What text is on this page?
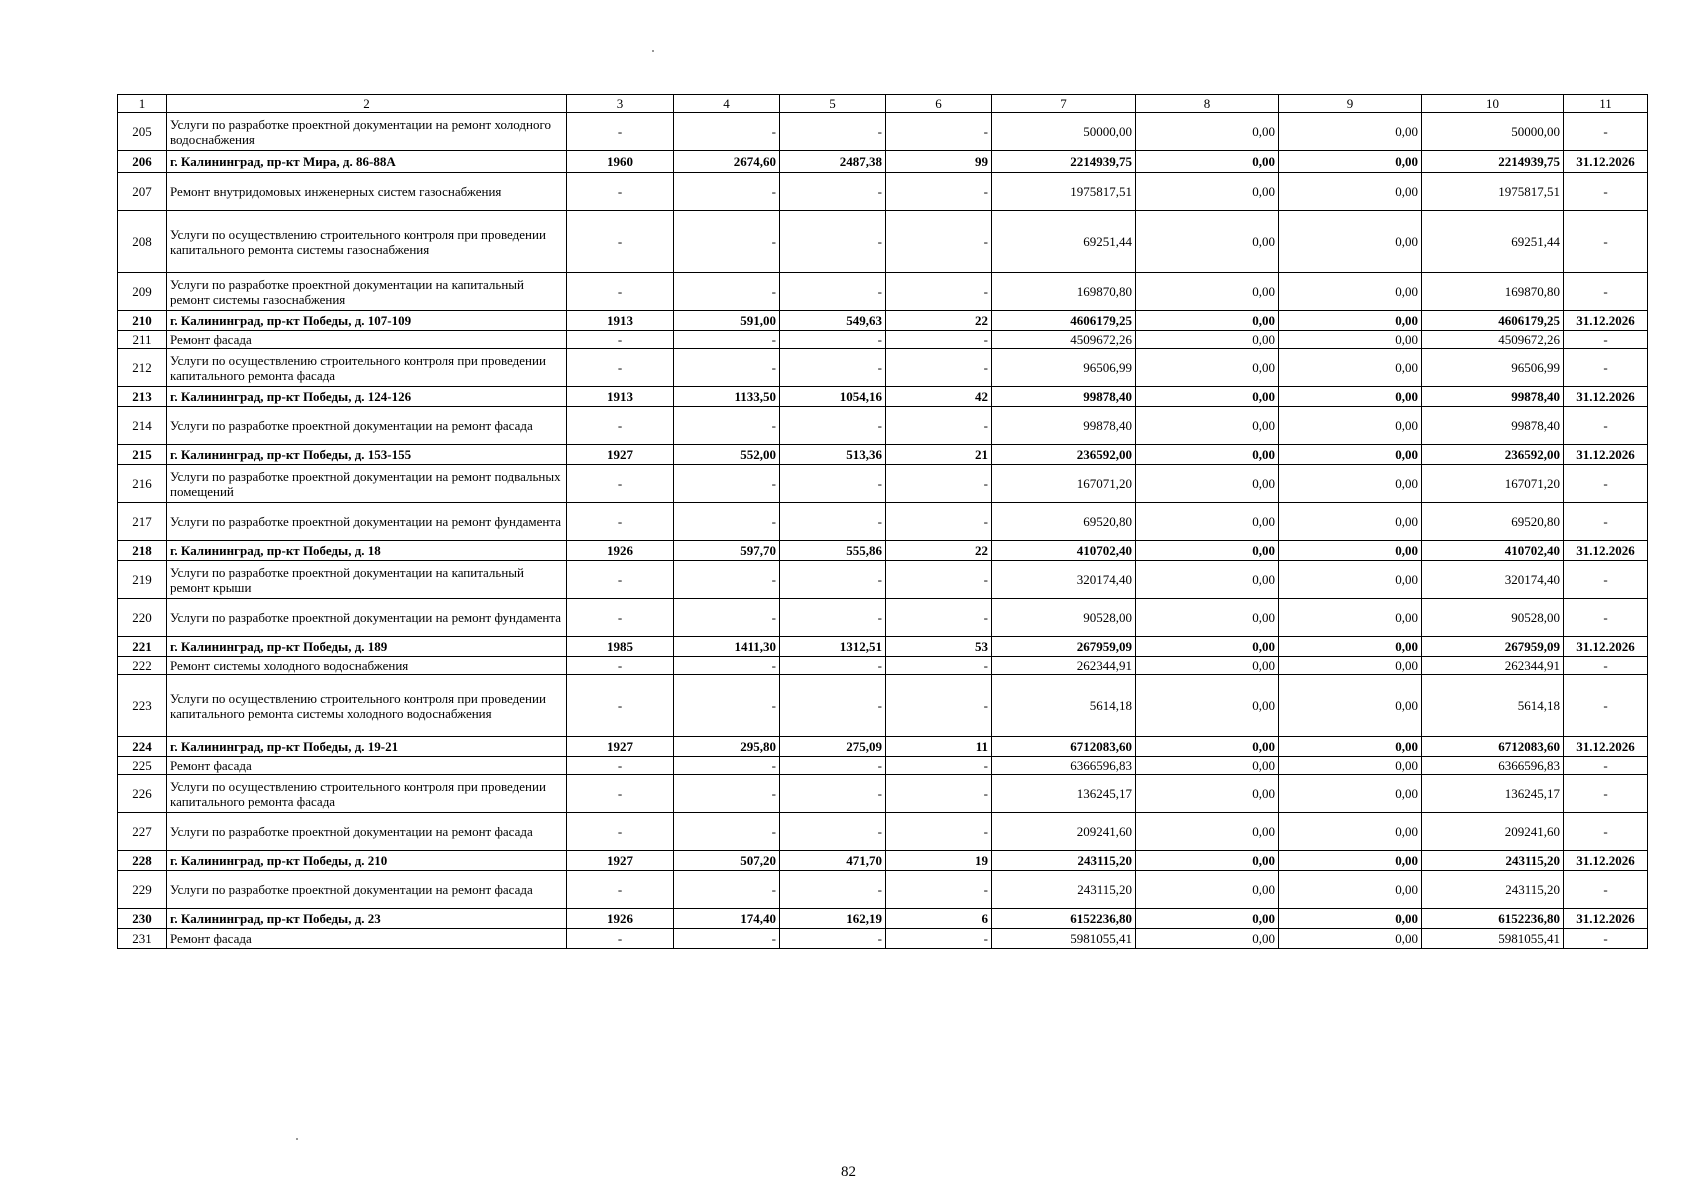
1	2	3	4	5	6	7	8	9	10	11
205	Услуги по разработке проектной документации на ремонт холодного водоснабжения	-	-	-	-	50000,00	0,00	0,00	50000,00	-
206	г. Калининград, пр-кт Мира, д. 86-88А	1960	2674,60	2487,38	99	2214939,75	0,00	0,00	2214939,75	31.12.2026
207	Ремонт внутридомовых инженерных систем газоснабжения	-	-	-	-	1975817,51	0,00	0,00	1975817,51	-
208	Услуги по осуществлению строительного контроля при проведении капитального ремонта системы газоснабжения	-	-	-	-	69251,44	0,00	0,00	69251,44	-
209	Услуги по разработке проектной документации на капитальный ремонт системы газоснабжения	-	-	-	-	169870,80	0,00	0,00	169870,80	-
210	г. Калининград, пр-кт Победы, д. 107-109	1913	591,00	549,63	22	4606179,25	0,00	0,00	4606179,25	31.12.2026
211	Ремонт фасада	-	-	-	-	4509672,26	0,00	0,00	4509672,26	-
212	Услуги по осуществлению строительного контроля при проведении капитального ремонта фасада	-	-	-	-	96506,99	0,00	0,00	96506,99	-
213	г. Калининград, пр-кт Победы, д. 124-126	1913	1133,50	1054,16	42	99878,40	0,00	0,00	99878,40	31.12.2026
214	Услуги по разработке проектной документации на ремонт фасада	-	-	-	-	99878,40	0,00	0,00	99878,40	-
215	г. Калининград, пр-кт Победы, д. 153-155	1927	552,00	513,36	21	236592,00	0,00	0,00	236592,00	31.12.2026
216	Услуги по разработке проектной документации на ремонт подвальных помещений	-	-	-	-	167071,20	0,00	0,00	167071,20	-
217	Услуги по разработке проектной документации на ремонт фундамента	-	-	-	-	69520,80	0,00	0,00	69520,80	-
218	г. Калининград, пр-кт Победы, д. 18	1926	597,70	555,86	22	410702,40	0,00	0,00	410702,40	31.12.2026
219	Услуги по разработке проектной документации на капитальный ремонт крыши	-	-	-	-	320174,40	0,00	0,00	320174,40	-
220	Услуги по разработке проектной документации на ремонт фундамента	-	-	-	-	90528,00	0,00	0,00	90528,00	-
221	г. Калининград, пр-кт Победы, д. 189	1985	1411,30	1312,51	53	267959,09	0,00	0,00	267959,09	31.12.2026
222	Ремонт системы холодного водоснабжения	-	-	-	-	262344,91	0,00	0,00	262344,91	-
223	Услуги по осуществлению строительного контроля при проведении капитального ремонта системы холодного водоснабжения	-	-	-	-	5614,18	0,00	0,00	5614,18	-
224	г. Калининград, пр-кт Победы, д. 19-21	1927	295,80	275,09	11	6712083,60	0,00	0,00	6712083,60	31.12.2026
225	Ремонт фасада	-	-	-	-	6366596,83	0,00	0,00	6366596,83	-
226	Услуги по осуществлению строительного контроля при проведении капитального ремонта фасада	-	-	-	-	136245,17	0,00	0,00	136245,17	-
227	Услуги по разработке проектной документации на ремонт фасада	-	-	-	-	209241,60	0,00	0,00	209241,60	-
228	г. Калининград, пр-кт Победы, д. 210	1927	507,20	471,70	19	243115,20	0,00	0,00	243115,20	31.12.2026
229	Услуги по разработке проектной документации на ремонт фасада	-	-	-	-	243115,20	0,00	0,00	243115,20	-
230	г. Калининград, пр-кт Победы, д. 23	1926	174,40	162,19	6	6152236,80	0,00	0,00	6152236,80	31.12.2026
231	Ремонт фасада	-	-	-	-	5981055,41	0,00	0,00	5981055,41	-
82
